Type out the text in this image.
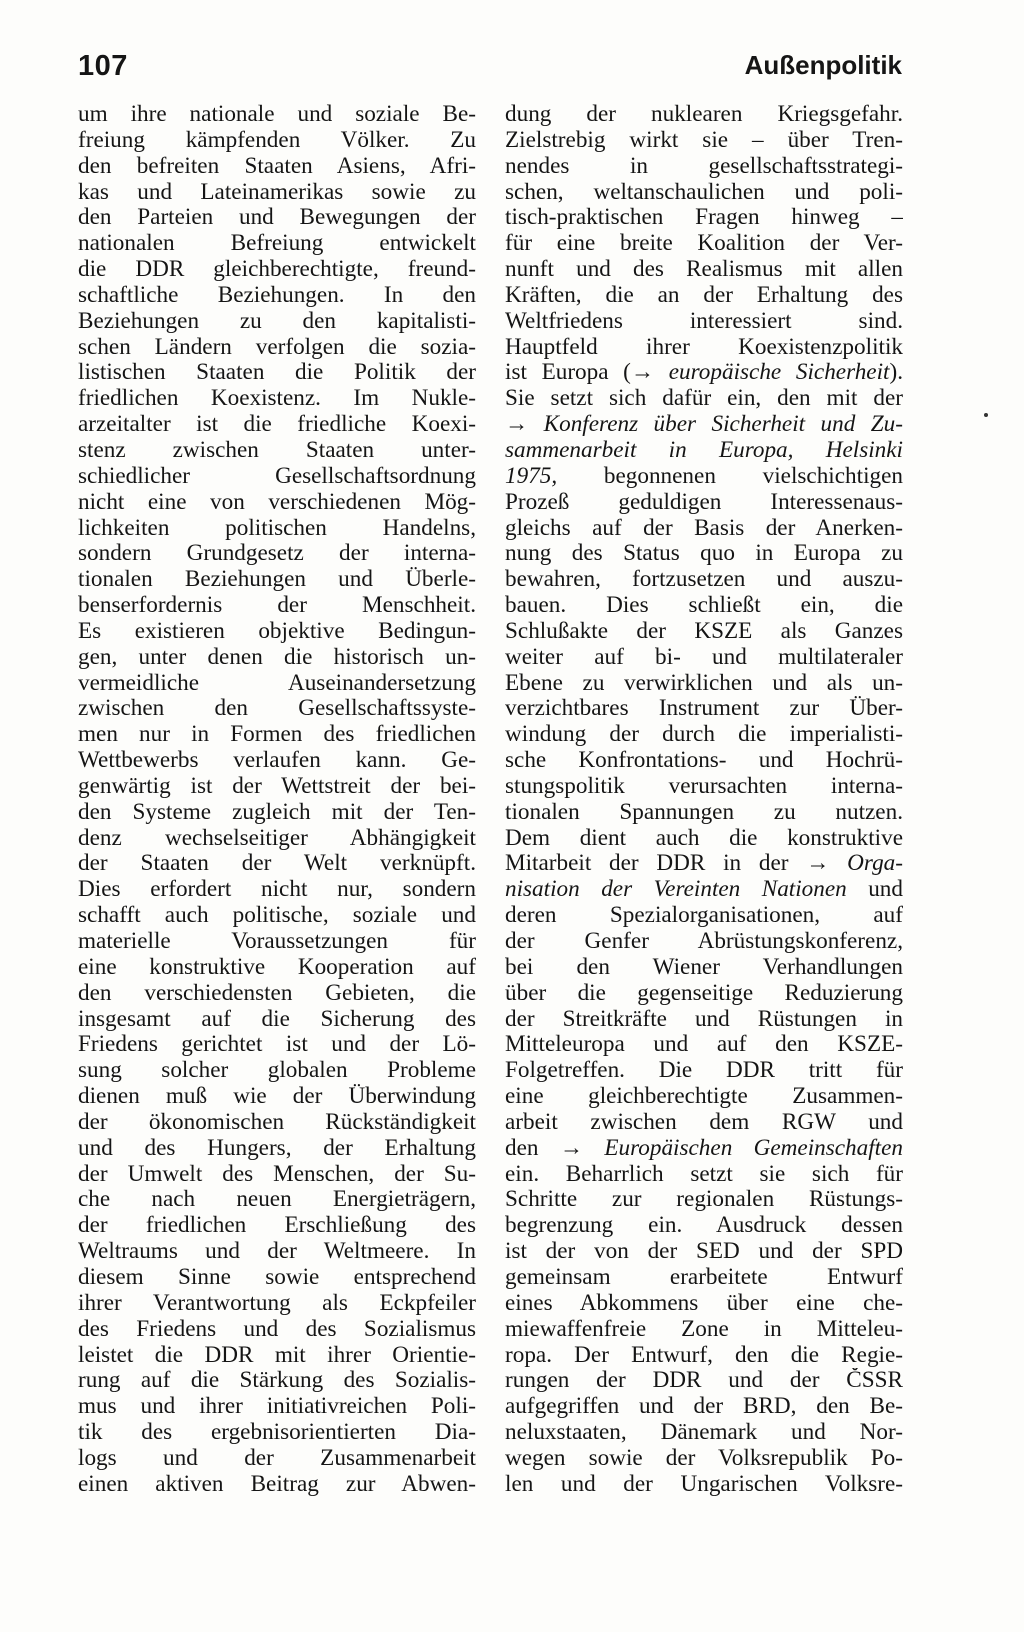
107	Außenpolitik
um ihre nationale und soziale Be-
freiung kämpfenden Völker. Zu
den befreiten Staaten Asiens, Afri-
kas und Lateinamerikas sowie zu
den Parteien und Bewegungen der
nationalen Befreiung entwickelt
die DDR gleichberechtigte, freund-
schaftliche Beziehungen. In den
Beziehungen zu den kapitalisti-
schen Ländern verfolgen die sozia-
listischen Staaten die Politik der
friedlichen Koexistenz. Im Nukle-
arzeitalter ist die friedliche Koexi-
stenz zwischen Staaten unter-
schiedlicher Gesellschaftsordnung
nicht eine von verschiedenen Mög-
lichkeiten politischen Handelns,
sondern Grundgesetz der interna-
tionalen Beziehungen und Überle-
benserfordernis der Menschheit.
Es existieren objektive Bedingun-
gen, unter denen die historisch un-
vermeidliche Auseinandersetzung
zwischen den Gesellschaftssyste-
men nur in Formen des friedlichen
Wettbewerbs verlaufen kann. Ge-
genwärtig ist der Wettstreit der bei-
den Systeme zugleich mit der Ten-
denz wechselseitiger Abhängigkeit
der Staaten der Welt verknüpft.
Dies erfordert nicht nur, sondern
schafft auch politische, soziale und
materielle Voraussetzungen für
eine konstruktive Kooperation auf
den verschiedensten Gebieten, die
insgesamt auf die Sicherung des
Friedens gerichtet ist und der Lö-
sung solcher globalen Probleme
dienen muß wie der Überwindung
der ökonomischen Rückständigkeit
und des Hungers, der Erhaltung
der Umwelt des Menschen, der Su-
che nach neuen Energieträgern,
der friedlichen Erschließung des
Weltraums und der Weltmeere. In
diesem Sinne sowie entsprechend
ihrer Verantwortung als Eckpfeiler
des Friedens und des Sozialismus
leistet die DDR mit ihrer Orientie-
rung auf die Stärkung des Sozialis-
mus und ihrer initiativreichen Poli-
tik des ergebnisorientierten Dia-
logs und der Zusammenarbeit
einen aktiven Beitrag zur Abwen-
dung der nuklearen Kriegsgefahr.
Zielstrebig wirkt sie – über Tren-
nendes in gesellschaftsstrategi-
schen, weltanschaulichen und poli-
tisch-praktischen Fragen hinweg –
für eine breite Koalition der Ver-
nunft und des Realismus mit allen
Kräften, die an der Erhaltung des
Weltfriedens interessiert sind.
Hauptfeld ihrer Koexistenzpolitik
ist Europa (→ europäische Sicherheit).
Sie setzt sich dafür ein, den mit der
→ Konferenz über Sicherheit und Zu-
sammenarbeit in Europa, Helsinki
1975, begonnenen vielschichtigen
Prozeß geduldigen Interessenaus-
gleichs auf der Basis der Anerken-
nung des Status quo in Europa zu
bewahren, fortzusetzen und auszu-
bauen. Dies schließt ein, die
Schlußakte der KSZE als Ganzes
weiter auf bi- und multilateraler
Ebene zu verwirklichen und als un-
verzichtbares Instrument zur Über-
windung der durch die imperialisti-
sche Konfrontations- und Hochrü-
stungspolitik verursachten interna-
tionalen Spannungen zu nutzen.
Dem dient auch die konstruktive
Mitarbeit der DDR in der → Orga-
nisation der Vereinten Nationen und
deren Spezialorganisationen, auf
der Genfer Abrüstungskonferenz,
bei den Wiener Verhandlungen
über die gegenseitige Reduzierung
der Streitkräfte und Rüstungen in
Mitteleuropa und auf den KSZE-
Folgetreffen. Die DDR tritt für
eine gleichberechtigte Zusammen-
arbeit zwischen dem RGW und
den → Europäischen Gemeinschaften
ein. Beharrlich setzt sie sich für
Schritte zur regionalen Rüstungs-
begrenzung ein. Ausdruck dessen
ist der von der SED und der SPD
gemeinsam erarbeitete Entwurf
eines Abkommens über eine che-
miewaffenfreie Zone in Mitteleu-
ropa. Der Entwurf, den die Regie-
rungen der DDR und der ČSSR
aufgegriffen und der BRD, den Be-
neluxstaaten, Dänemark und Nor-
wegen sowie der Volksrepublik Po-
len und der Ungarischen Volksre-
